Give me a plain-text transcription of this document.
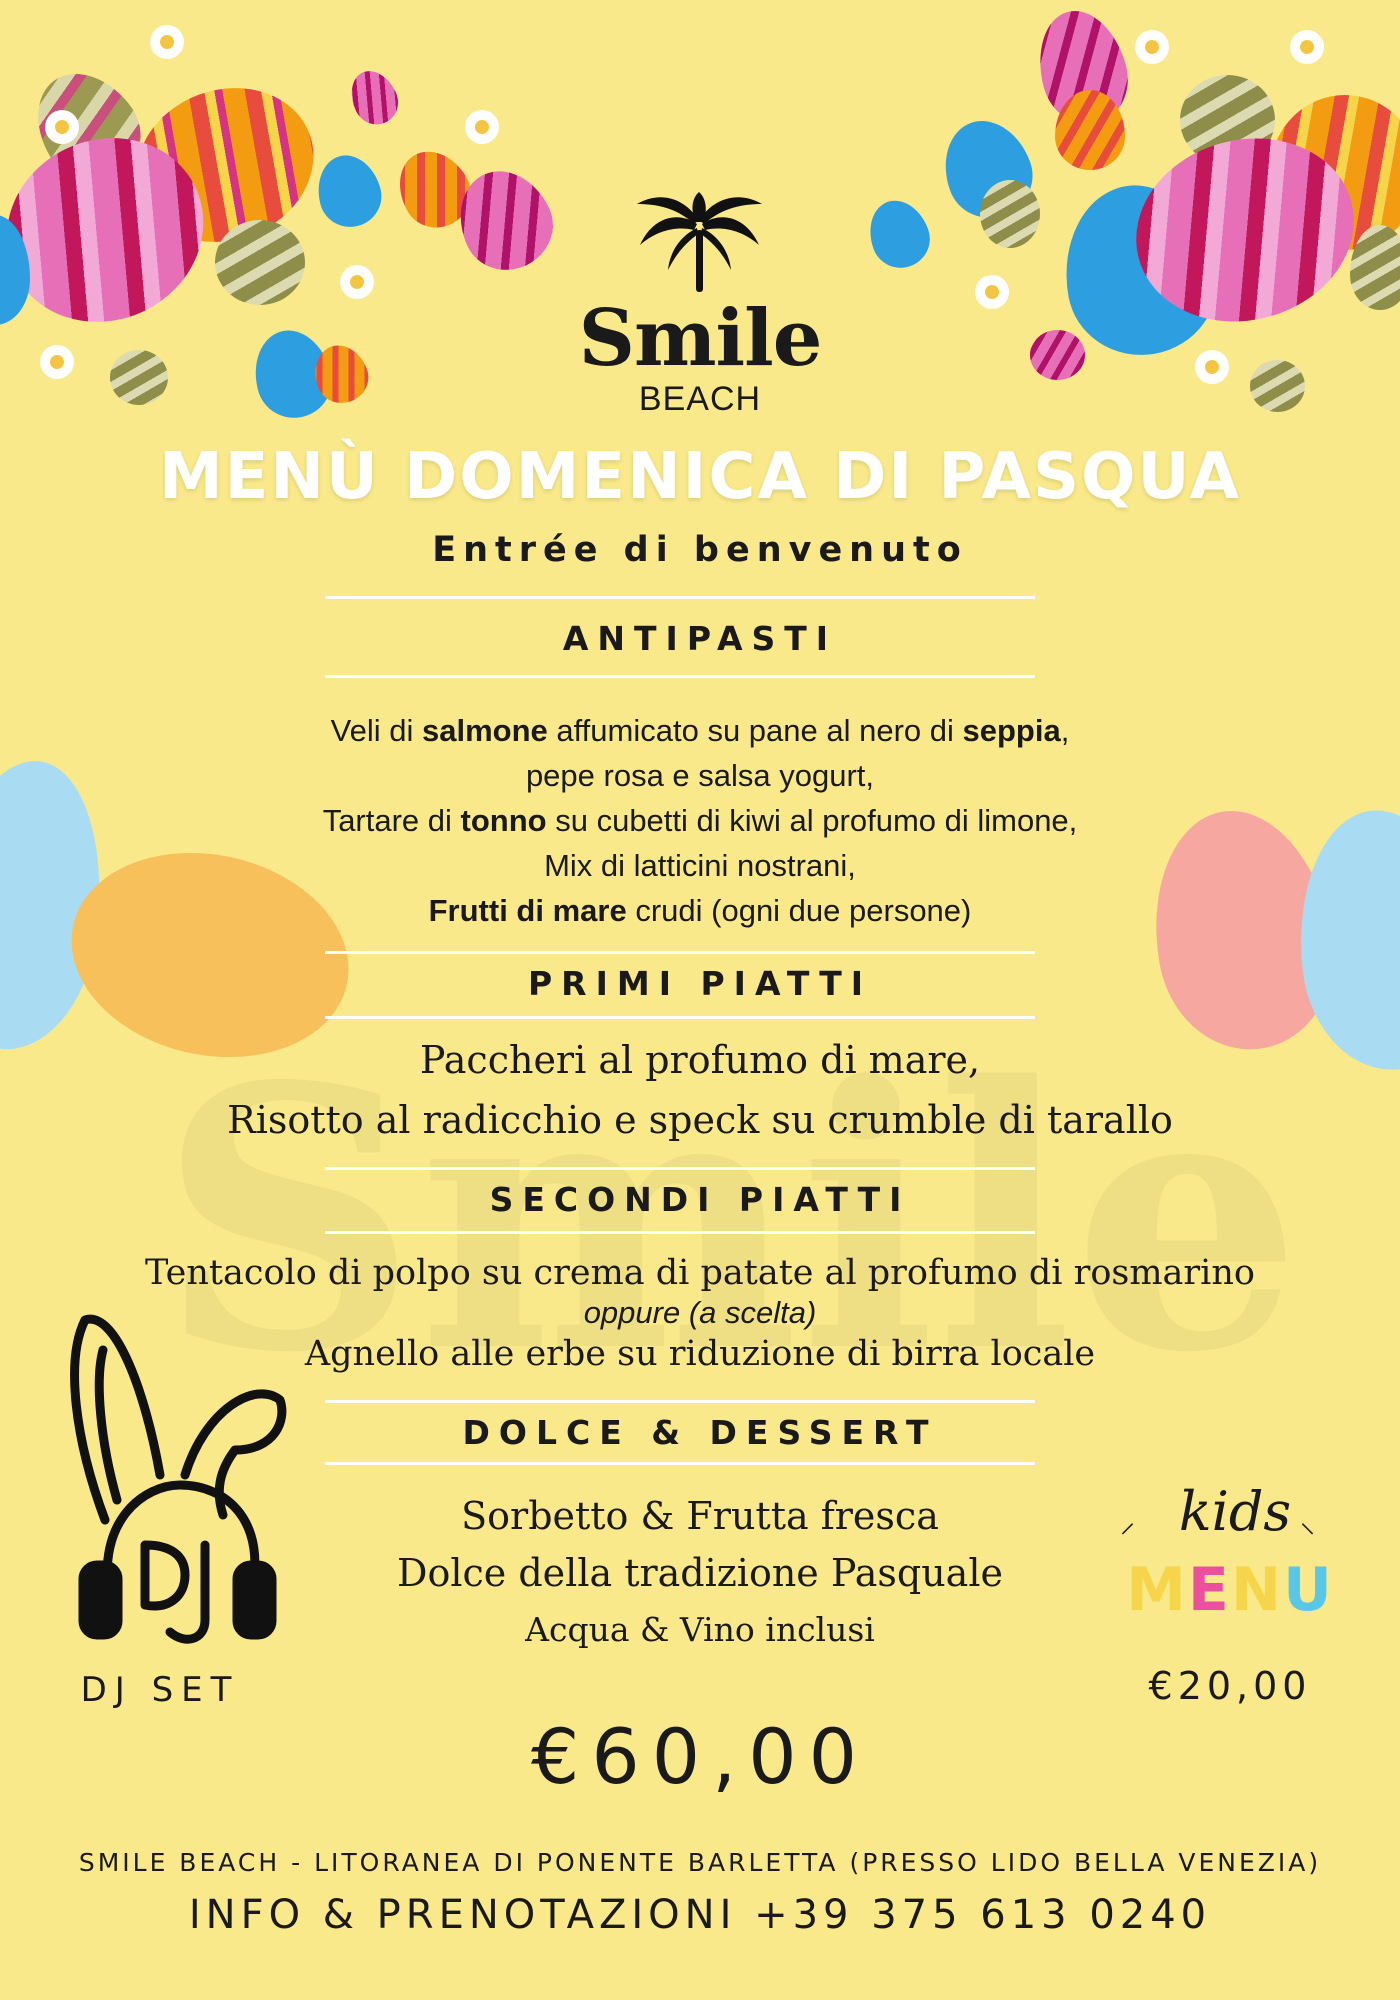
Smile
BEACH
MENÙ DOMENICA DI PASQUA
Entrée di benvenuto
ANTIPASTI
Veli di salmone affumicato su pane al nero di seppia,
pepe rosa e salsa yogurt,
Tartare di tonno su cubetti di kiwi al profumo di limone,
Mix di latticini nostrani,
Frutti di mare crudi (ogni due persone)
PRIMI PIATTI
Paccheri al profumo di mare,
Risotto al radicchio e speck su crumble di tarallo
SECONDI PIATTI
Tentacolo di polpo su crema di patate al profumo di rosmarino
oppure (a scelta)
Agnello alle erbe su riduzione di birra locale
DOLCE & DESSERT
Sorbetto & Frutta fresca
Dolce della tradizione Pasquale
Acqua & Vino inclusi
DJ SET
kids
⸝	⸜
MENU
€20,00
€60,00
SMILE BEACH - LITORANEA DI PONENTE BARLETTA (PRESSO LIDO BELLA VENEZIA)
INFO & PRENOTAZIONI +39 375 613 0240
